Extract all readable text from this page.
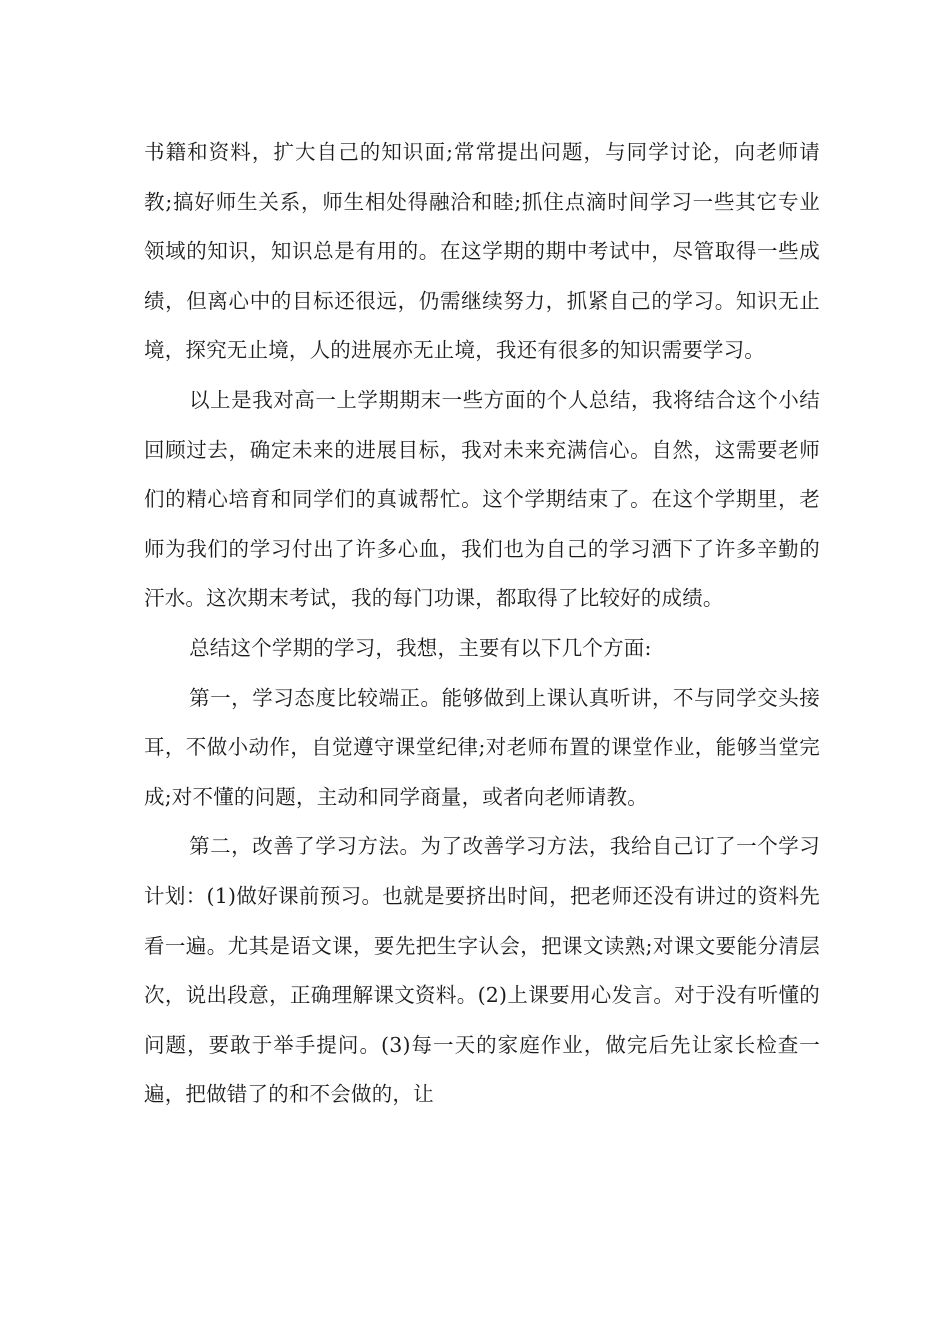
书籍和资料，扩大自己的知识面;常常提出问题，与同学讨论，向老师请教;搞好师生关系，师生相处得融洽和睦;抓住点滴时间学习一些其它专业领域的知识，知识总是有用的。在这学期的期中考试中，尽管取得一些成绩，但离心中的目标还很远，仍需继续努力，抓紧自己的学习。知识无止境，探究无止境，人的进展亦无止境，我还有很多的知识需要学习。

以上是我对高一上学期期末一些方面的个人总结，我将结合这个小结回顾过去，确定未来的进展目标，我对未来充满信心。自然，这需要老师们的精心培育和同学们的真诚帮忙。这个学期结束了。在这个学期里，老师为我们的学习付出了许多心血，我们也为自己的学习洒下了许多辛勤的汗水。这次期末考试，我的每门功课，都取得了比较好的成绩。

总结这个学期的学习，我想，主要有以下几个方面:

第一，学习态度比较端正。能够做到上课认真听讲，不与同学交头接耳，不做小动作，自觉遵守课堂纪律;对老师布置的课堂作业，能够当堂完成;对不懂的问题，主动和同学商量，或者向老师请教。

第二，改善了学习方法。为了改善学习方法，我给自己订了一个学习计划：(1)做好课前预习。也就是要挤出时间，把老师还没有讲过的资料先看一遍。尤其是语文课，要先把生字认会，把课文读熟;对课文要能分清层次，说出段意，正确理解课文资料。(2)上课要用心发言。对于没有听懂的问题，要敢于举手提问。(3)每一天的家庭作业，做完后先让家长检查一遍，把做错了的和不会做的，让
